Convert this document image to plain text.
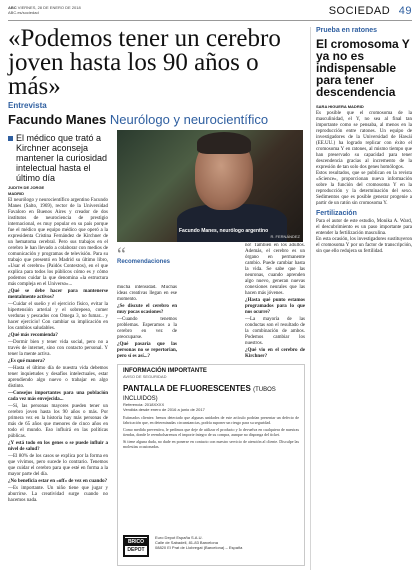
ABC VIERNES, 28 DE ENERO DE 2018
ABC.es/sociedad	SOCIEDAD 49
«Podemos tener un cerebro joven hasta los 90 años o más»
Entrevista
Facundo Manes Neurólogo y neurocientífico

El médico que trató a Kirchner aconseja mantener la curiosidad intelectual hasta el último día

Facundo Manes, neurólogo argentino
R. FERNÁNDEZ
JUDITH DE JORGE
MADRID

El neurólogo y neurocientífico argentino Facundo Manes (Salto, 1969), rector de la Universidad Favaloro en Buenos Aires y creador de dos institutos de neurociencia de prestigio internacional, es muy popular en su país porque fue el médico que equipo médico que operó a la expresidenta Cristina Fernández de Kirchner de un hematoma cerebral. Pero sus trabajos en el cerebro le han llevado a colaborar con medios de comunicación y programas de televisión. Para su trabajo que presentó en Madrid su último libro, «Usar el cerebro» (Paidós Contextos), en el que explica para todos los públicos cómo es y cómo podemos cuidar la que denomina «la estructura más compleja en el Universo»...

¿Qué se debe hacer para mantenerse mentalmente activos?

—Cuidar el sueño y el ejercicio físico, evitar la hipertensión arterial y el sobrepeso, comer verduras y pescados con Omega 3, no fumar... y hacer ejercicio! Con cambiar su implicación en los cambios saludables.

¿Qué más recomienda?

—Dormir bien y tener vida social, pero no a través de internet, sino con contacto personal. Y tener la mente activa.

¿Es qué manera?

—Hasta el último día de nuestra vida debemos tener inquietudes y desafíos intelectuales, estar aprendiendo algo nuevo o trabajar en algo distinto.

—Consejos importantes para una población cada vez más envejecida...

—Sí, las personas mayores pueden tener un cerebro joven hasta los 90 años o más. Por primera vez en la historia hay más personas de más de 65 años que menores de cinco años en todo el mundo. Eso influirá en las políticas públicas.

¿Y está todo en los genes o se puede influir a nivel de salud?

—El 80% de los casos se explica por la forma en que vivimos, pero sucede lo contrario. Tenemos que cuidar el cerebro para que esté en forma a la mayor parte del día.

¿No beneficia estar en «off» de vez en cuando?

—Es importante. Un niño tiene que jugar y aburrirse. La creatividad surge cuando no hacemos nada.

“
Recomendaciones

mucha intensidad. Muchas ideas creativas llegan en ese momento.

¿Se discute el cerebro en muy pocas ocasiones?

—Cuando tenemos problemas. Esperamos a la cerebro en vez de preocuparse.

¿Qué pasaría que las personas no se repertorian, pero sí es así...?

no! También en los adultos. Además, el cerebro es un órgano en permanente cambio. Puede cambiar hasta la vida. Se sabe que las neuronas, cuando aprenden algo nuevo, generan nuevas conexiones neurales que las hacen más jóvenes.

¿Hasta qué punto estamos programados para lo que nos ocurre?

—La mayoría de las conductas son el resultado de la combinación de ambos. Podemos cambiar los nuestros.

¿Qué vio en el cerebro de Kirchner?

INFORMACIÓN IMPORTANTE
AVISO DE SEGURIDAD
PANTALLA DE FLUORESCENTES (TUBOS INCLUIDOS)
Referencia: 2018XXXX
Vendida desde enero de 2016 a junio de 2017

Estimados clientes: hemos detectado que algunas unidades de este artículo podrían presentar un defecto de fabricación que, en determinadas circunstancias, podría suponer un riesgo para su seguridad.

Como medida preventiva, le pedimos que deje de utilizar el producto y lo devuelva en cualquiera de nuestras tiendas, donde le reembolsaremos el importe íntegro de su compra, aunque no disponga del ticket.

Si tiene alguna duda, no dude en ponerse en contacto con nuestro servicio de atención al cliente. Disculpe las molestias ocasionadas.

BRICO
DEPOT
Euro Depot España S.A.U.
Calle de Sabadell, 81-83 Barcelona
08820 El Prat de Llobregat (Barcelona) – España
Prueba en ratones
El cromosoma Y ya no es indispensable para tener descendencia
SARA HIGUERA MADRID

Es posible que el cromosoma de la masculinidad, el Y, no sea al final tan importante como se pensaba, al menos en la reproducción entre ratones. Un equipo de investigadores de la Universidad de Hawái (EE.UU.) ha logrado replicar con éxito el cromosoma Y en ratones, al mismo tiempo que han preservado su capacidad para tener descendencia gracias al incremento de la expresión de tan solo dos genes homólogos.

Estos resultados, que se publican en la revista «Science», proporcionan nueva información sobre la función del cromosoma Y en la reproducción y la determinación del sexo. Sedimentos que es posible generar progenie a partir de un ratón sin cromosoma Y.

Fertilización

Para el autor de este estudio, Monika A. Ward, el descubrimiento es un paso importante para entender la fertilización masculina.

En esta ocasión, los investigadores sustituyeron el cromosoma Y por un factor de transcripción, sin que ello redujera su fertilidad.
